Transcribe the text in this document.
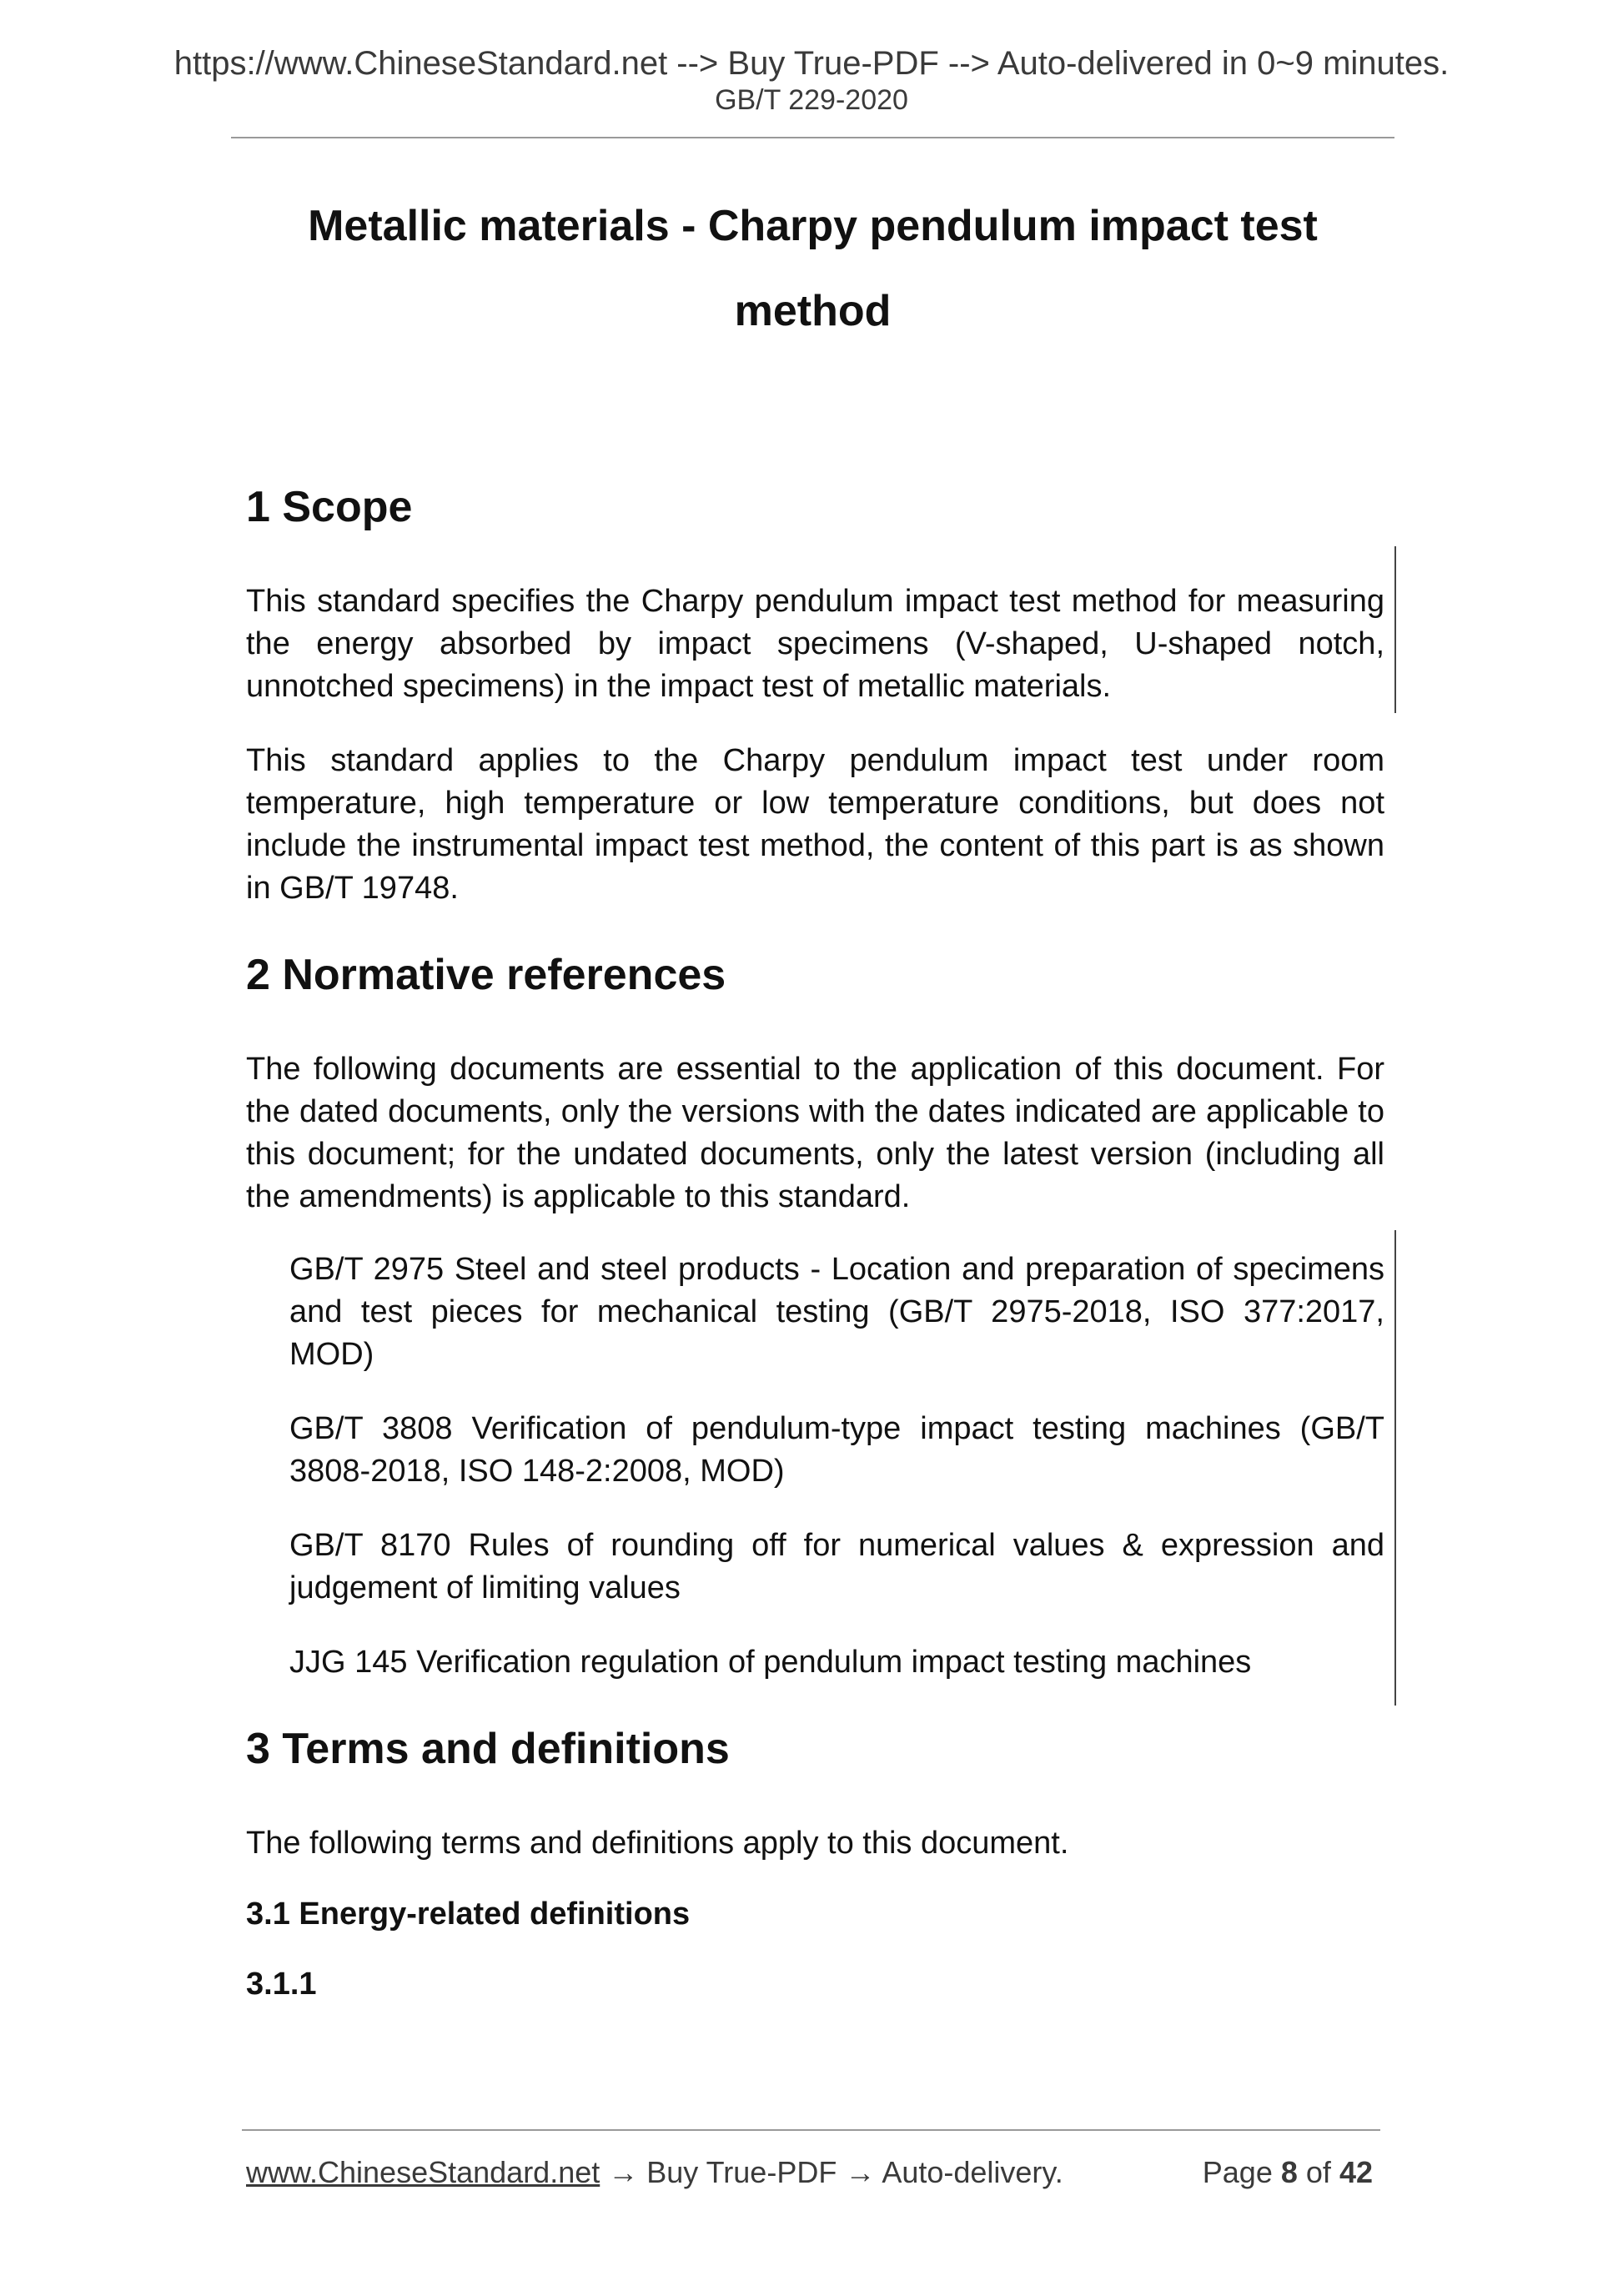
https://www.ChineseStandard.net --> Buy True-PDF --> Auto-delivered in 0~9 minutes.
GB/T 229-2020
Metallic materials - Charpy pendulum impact test
method
1 Scope

This standard specifies the Charpy pendulum impact test method for measuring the energy absorbed by impact specimens (V-shaped, U-shaped notch, unnotched specimens) in the impact test of metallic materials.

This standard applies to the Charpy pendulum impact test under room temperature, high temperature or low temperature conditions, but does not include the instrumental impact test method, the content of this part is as shown in GB/T 19748.

2 Normative references

The following documents are essential to the application of this document. For the dated documents, only the versions with the dates indicated are applicable to this document; for the undated documents, only the latest version (including all the amendments) is applicable to this standard.

GB/T 2975 Steel and steel products - Location and preparation of specimens and test pieces for mechanical testing (GB/T 2975-2018, ISO 377:2017, MOD)

GB/T 3808 Verification of pendulum-type impact testing machines (GB/T 3808-2018, ISO 148-2:2008, MOD)

GB/T 8170 Rules of rounding off for numerical values & expression and judgement of limiting values

JJG 145 Verification regulation of pendulum impact testing machines

3 Terms and definitions

The following terms and definitions apply to this document.

3.1 Energy-related definitions
3.1.1
www.ChineseStandard.net → Buy True-PDF → Auto-delivery.	Page 8 of 42
